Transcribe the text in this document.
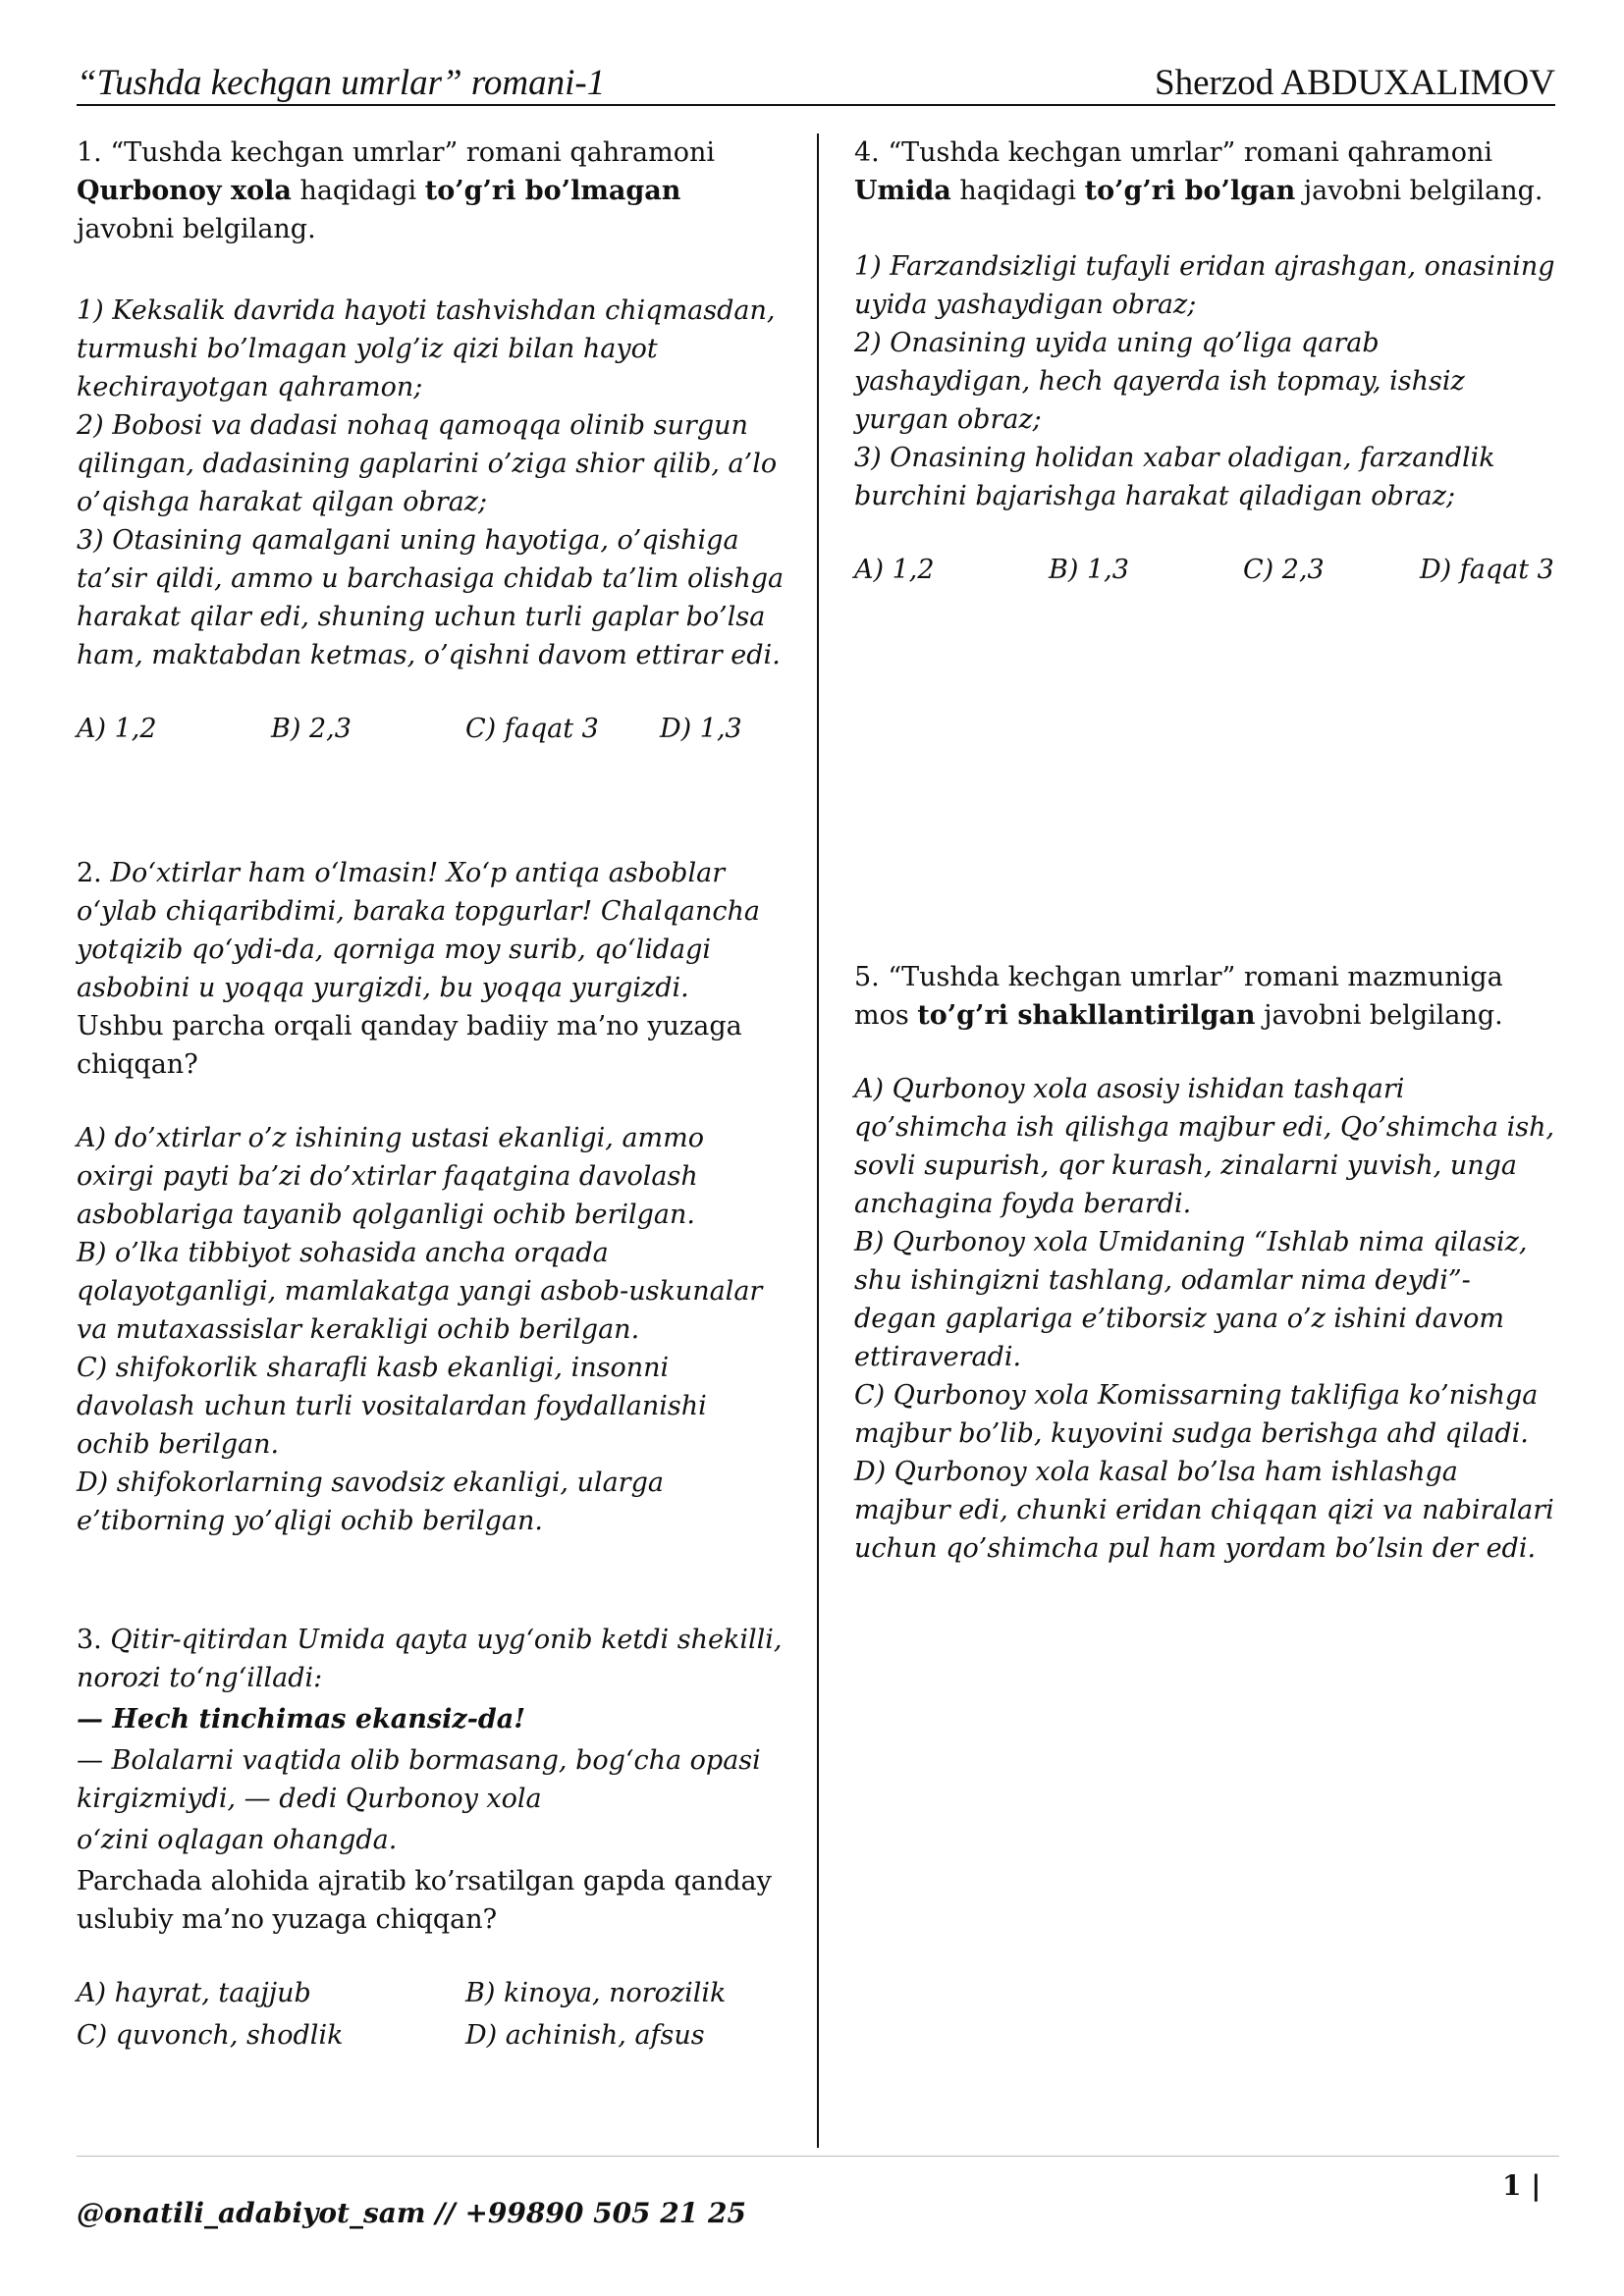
“Tushda kechgan umrlar” romani-1	Sherzod ABDUXALIMOV

1. “Tushda kechgan umrlar” romani qahramoni Qurbonoy xola haqidagi to’g’ri bo’lmagan javobni belgilang.

1) Keksalik davrida hayoti tashvishdan chiqmasdan, turmushi bo’lmagan yolg’iz qizi bilan hayot kechirayotgan qahramon;

2) Bobosi va dadasi nohaq qamoqqa olinib surgun qilingan, dadasining gaplarini o’ziga shior qilib, a’lo o’qishga harakat qilgan obraz;

3) Otasining qamalgani uning hayotiga, o’qishiga ta’sir qildi, ammo u barchasiga chidab ta’lim olishga harakat qilar edi, shuning uchun turli gaplar bo’lsa ham, maktabdan ketmas, o’qishni davom ettirar edi.

A) 1,2	B) 2,3	C) faqat 3	D) 1,3

2. Do‘xtirlar ham o‘lmasin! Xo‘p antiqa asboblar o‘ylab chiqaribdimi, baraka topgurlar! Chalqancha yotqizib qo‘ydi-da, qorniga moy surib, qo‘lidagi asbobini u yoqqa yurgizdi, bu yoqqa yurgizdi.

Ushbu parcha orqali qanday badiiy ma’no yuzaga chiqqan?

A) do’xtirlar o’z ishining ustasi ekanligi, ammo oxirgi payti ba’zi do’xtirlar faqatgina davolash asboblariga tayanib qolganligi ochib berilgan.

B) o’lka tibbiyot sohasida ancha orqada qolayotganligi, mamlakatga yangi asbob-uskunalar va mutaxassislar kerakligi ochib berilgan.

C) shifokorlik sharafli kasb ekanligi, insonni davolash uchun turli vositalardan foydallanishi ochib berilgan.

D) shifokorlarning savodsiz ekanligi, ularga e’tiborning yo’qligi ochib berilgan.

3. Qitir-qitirdan Umida qayta uyg‘onib ketdi shekilli, norozi to‘ng‘illadi:

— Hech tinchimas ekansiz-da!

— Bolalarni vaqtida olib bormasang, bog‘cha opasi kirgizmiydi, — dedi Qurbonoy xola

o‘zini oqlagan ohangda.

Parchada alohida ajratib ko’rsatilgan gapda qanday uslubiy ma’no yuzaga chiqqan?

A) hayrat, taajjub	B) kinoya, norozilik
C) quvonch, shodlik	D) achinish, afsus

4. “Tushda kechgan umrlar” romani qahramoni Umida haqidagi to’g’ri bo’lgan javobni belgilang.

1) Farzandsizligi tufayli eridan ajrashgan, onasining uyida yashaydigan obraz;

2) Onasining uyida uning qo’liga qarab yashaydigan, hech qayerda ish topmay, ishsiz yurgan obraz;

3) Onasining holidan xabar oladigan, farzandlik burchini bajarishga harakat qiladigan obraz;

A) 1,2	B) 1,3	C) 2,3	D) faqat 3

5. “Tushda kechgan umrlar” romani mazmuniga mos to’g’ri shakllantirilgan javobni belgilang.

A) Qurbonoy xola asosiy ishidan tashqari qo’shimcha ish qilishga majbur edi, Qo’shimcha ish, sovli supurish, qor kurash, zinalarni yuvish, unga anchagina foyda berardi.

B) Qurbonoy xola Umidaning “Ishlab nima qilasiz, shu ishingizni tashlang, odamlar nima deydi”- degan gaplariga e’tiborsiz yana o’z ishini davom ettiraveradi.

C) Qurbonoy xola Komissarning taklifiga ko’nishga majbur bo’lib, kuyovini sudga berishga ahd qiladi.

D) Qurbonoy xola kasal bo’lsa ham ishlashga majbur edi, chunki eridan chiqqan qizi va nabiralari uchun qo’shimcha pul ham yordam bo’lsin der edi.

1 |
@onatili_adabiyot_sam // +99890 505 21 25
